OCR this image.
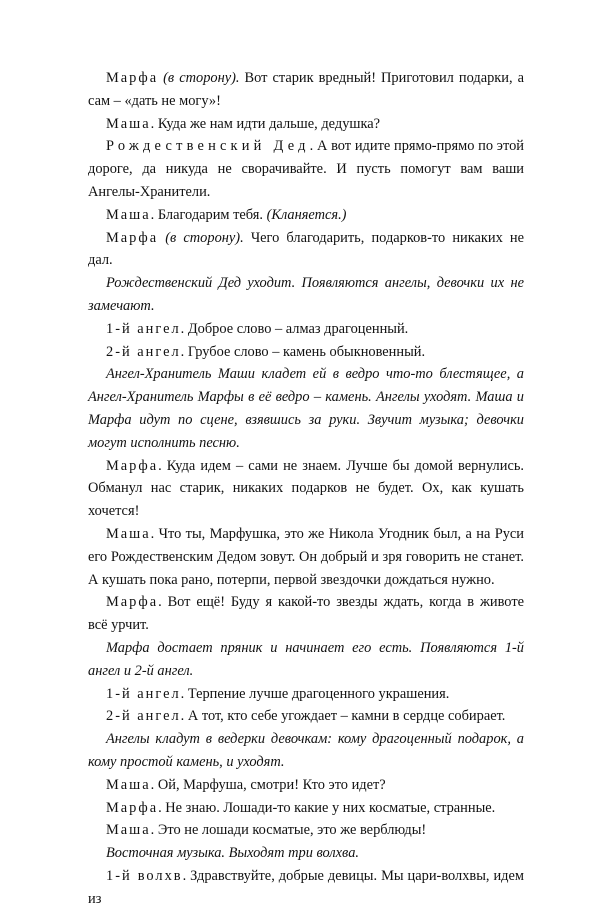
Марфа (в сторону). Вот старик вредный! Приготовил подарки, а сам – «дать не могу»!

Маша. Куда же нам идти дальше, дедушка?

Рождественский Дед. А вот идите прямо-прямо по этой дороге, да никуда не сворачивайте. И пусть помогут вам ваши Ангелы-Хранители.

Маша. Благодарим тебя. (Кланяется.)

Марфа (в сторону). Чего благодарить, подарков-то никаких не дал.

Рождественский Дед уходит. Появляются ангелы, девочки их не замечают.

1-й ангел. Доброе слово – алмаз драгоценный.

2-й ангел. Грубое слово – камень обыкновенный.

Ангел-Хранитель Маши кладет ей в ведро что-то блестящее, а Ангел-Хранитель Марфы в её ведро – камень. Ангелы уходят. Маша и Марфа идут по сцене, взявшись за руки. Звучит музыка; девочки могут исполнить песню.

Марфа. Куда идем – сами не знаем. Лучше бы домой вернулись. Обманул нас старик, никаких подарков не будет. Ох, как кушать хочется!

Маша. Что ты, Марфушка, это же Никола Угодник был, а на Руси его Рождественским Дедом зовут. Он добрый и зря говорить не станет. А кушать пока рано, потерпи, первой звездочки дождаться нужно.

Марфа. Вот ещё! Буду я какой-то звезды ждать, когда в животе всё урчит.

Марфа достает пряник и начинает его есть. Появляются 1-й ангел и 2-й ангел.

1-й ангел. Терпение лучше драгоценного украшения.

2-й ангел. А тот, кто себе угождает – камни в сердце собирает.

Ангелы кладут в ведерки девочкам: кому драгоценный подарок, а кому простой камень, и уходят.

Маша. Ой, Марфуша, смотри! Кто это идет?

Марфа. Не знаю. Лошади-то какие у них косматые, странные.

Маша. Это не лошади косматые, это же верблюды!

Восточная музыка. Выходят три волхва.

1-й волхв. Здравствуйте, добрые девицы. Мы цари-волхвы, идем из
